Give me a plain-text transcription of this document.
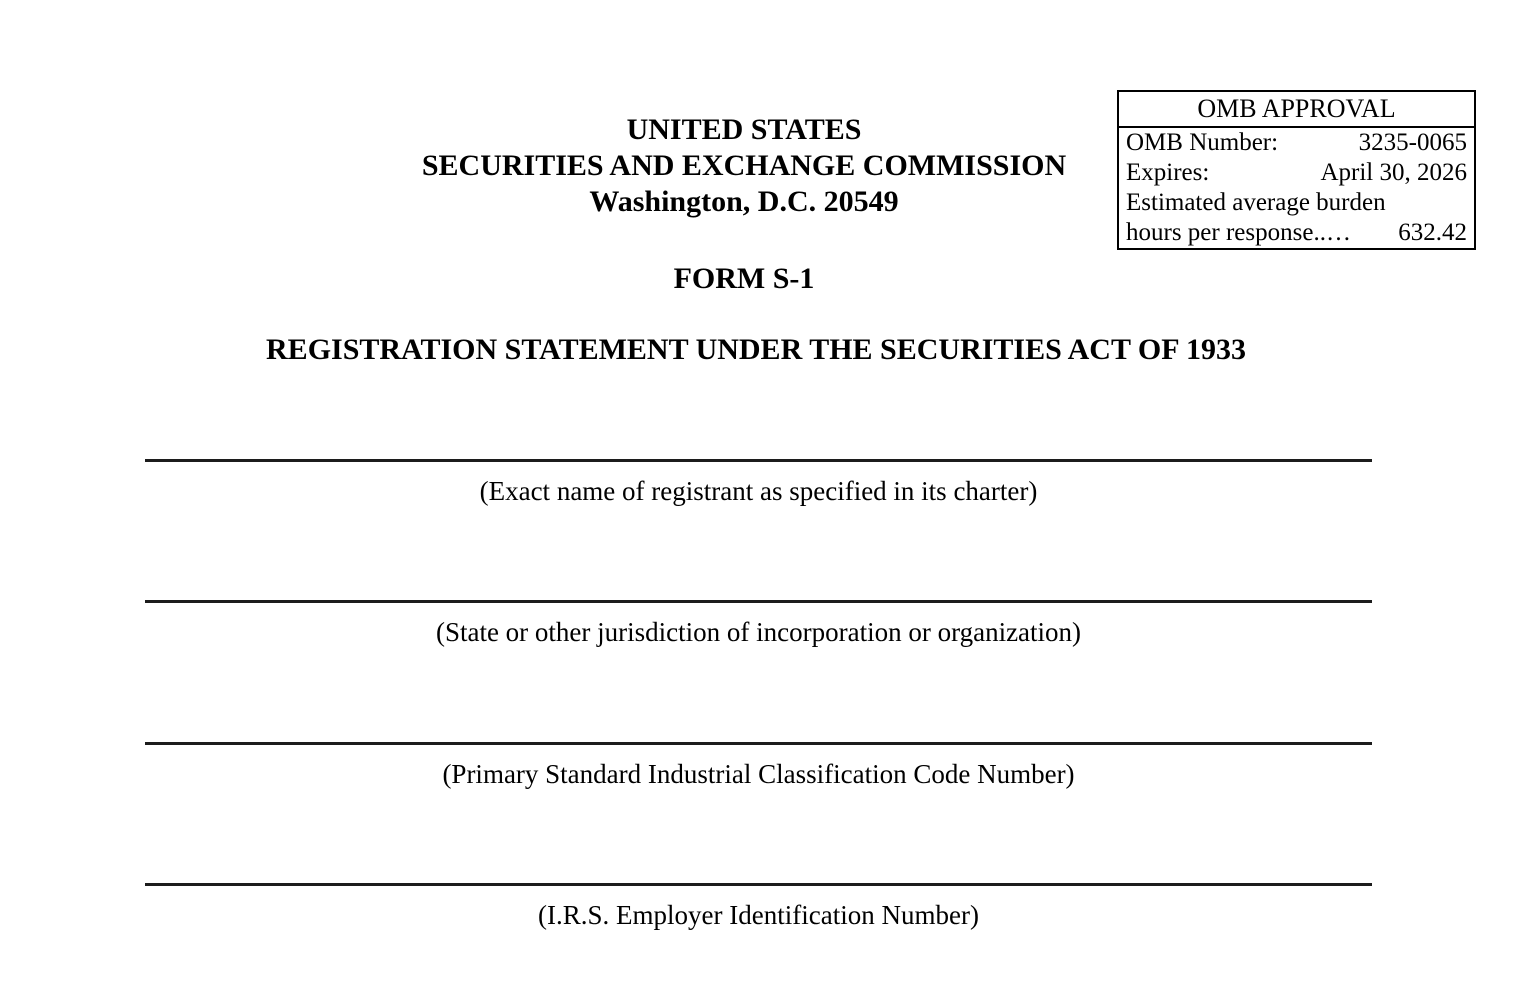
UNITED STATES
SECURITIES AND EXCHANGE COMMISSION
Washington, D.C. 20549
OMB APPROVAL
OMB Number:	3235-0065
Expires:	April 30, 2026
Estimated average burden
hours per response..… 632.42
FORM S-1
REGISTRATION STATEMENT UNDER THE SECURITIES ACT OF 1933
(Exact name of registrant as specified in its charter)
(State or other jurisdiction of incorporation or organization)
(Primary Standard Industrial Classification Code Number)
(I.R.S. Employer Identification Number)
